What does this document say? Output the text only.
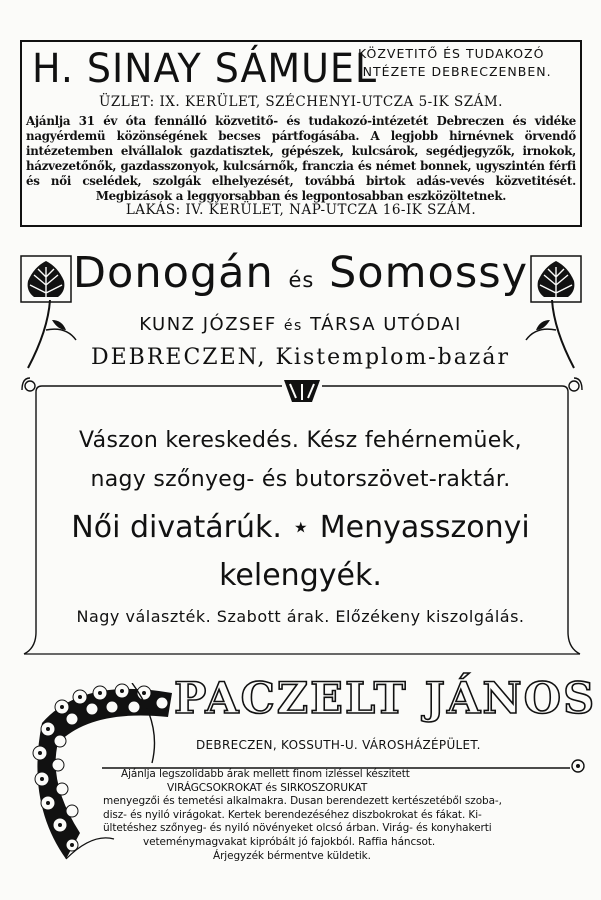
H. SINAY SÁMUEL
KÖZVETITŐ ÉS TUDAKOZÓ
INTÉZETE DEBRECZENBEN.
ÜZLET: IX. KERÜLET, SZÉCHENYI-UTCZA 5-IK SZÁM.
Ajánlja 31 év óta fennálló közvetitő- és tudakozó-intézetét Debreczen és vidéke nagyérdemü közönségének becses pártfogásába. A legjobb hirnévnek örvendő intézetemben elvállalok gazdatisztek, gépészek, kulcsárok, segédjegyzők, irnokok, házvezetőnők, gazdasszonyok, kulcsárnők, franczia és német bonnek, ugyszintén férfi és női cselédek, szolgák elhelyezését, továbbá birtok adás-vevés közvetitését. Megbizások a leggyorsabban és legpontosabban eszközöltetnek.
LAKÁS: IV. KERÜLET, NAP-UTCZA 16-IK SZÁM.
Donogán és Somossy
KUNZ JÓZSEF és TÁRSA UTÓDAI
DEBRECZEN, Kistemplom-bazár
Vászon kereskedés. Kész fehérnemüek,
nagy szőnyeg- és butorszövet-raktár.
Női divatárúk. ⋆ Menyasszonyi
kelengyék.
Nagy választék. Szabott árak. Előzékeny kiszolgálás.
PACZELT JÁNOS
DEBRECZEN, KOSSUTH-U. VÁROSHÁZÉPÜLET.
Ajánlja legszolidabb árak mellett finom izléssel készitett
VIRÁGCSOKROKAT és SIRKOSZORUKAT
menyegzői és temetési alkalmakra. Dusan berendezett kertészetéből szoba-,
disz- és nyiló virágokat. Kertek berendezéséhez diszbokrokat és fákat. Ki-
ültetéshez szőnyeg- és nyiló növényeket olcsó árban. Virág- és konyhakerti
veteménymagvakat kipróbált jó fajokból. Raffia háncsot.
Árjegyzék bérmentve küldetik.
